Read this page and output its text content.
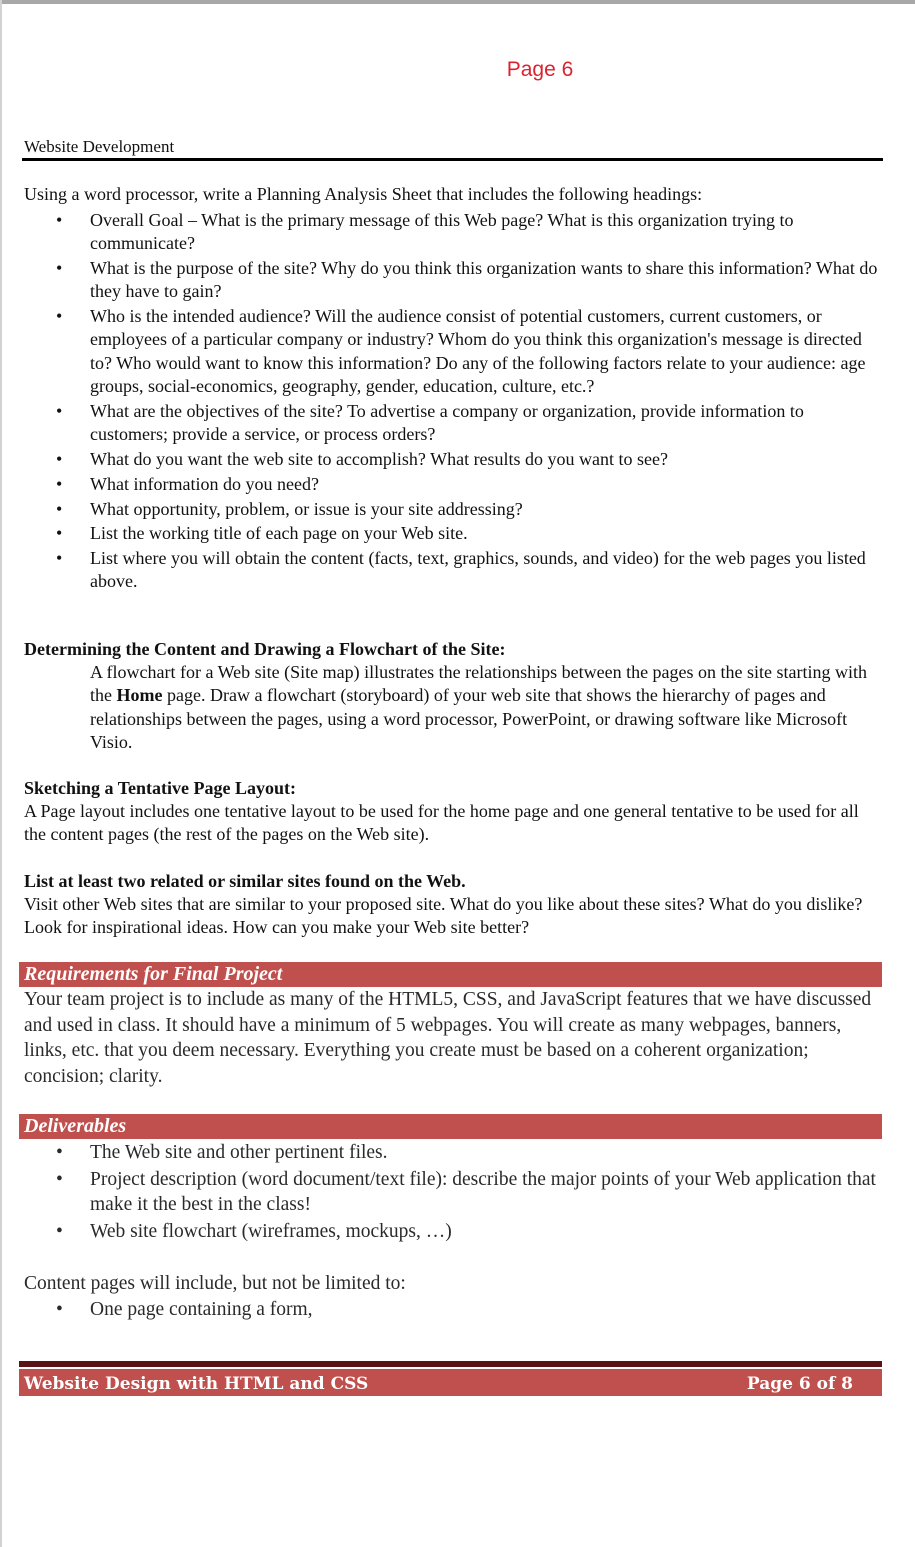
Page 6
Website Development
Using a word processor, write a Planning Analysis Sheet that includes the following headings:
• Overall Goal – What is the primary message of this Web page? What is this organization trying to communicate?
• What is the purpose of the site? Why do you think this organization wants to share this information? What do they have to gain?
• Who is the intended audience? Will the audience consist of potential customers, current customers, or employees of a particular company or industry? Whom do you think this organization's message is directed to? Who would want to know this information? Do any of the following factors relate to your audience: age groups, social-economics, geography, gender, education, culture, etc.?
• What are the objectives of the site? To advertise a company or organization, provide information to customers; provide a service, or process orders?
• What do you want the web site to accomplish? What results do you want to see?
• What information do you need?
• What opportunity, problem, or issue is your site addressing?
• List the working title of each page on your Web site.
• List where you will obtain the content (facts, text, graphics, sounds, and video) for the web pages you listed above.
Determining the Content and Drawing a Flowchart of the Site:
A flowchart for a Web site (Site map) illustrates the relationships between the pages on the site starting with the Home page. Draw a flowchart (storyboard) of your web site that shows the hierarchy of pages and relationships between the pages, using a word processor, PowerPoint, or drawing software like Microsoft Visio.
Sketching a Tentative Page Layout:
A Page layout includes one tentative layout to be used for the home page and one general tentative to be used for all the content pages (the rest of the pages on the Web site).
List at least two related or similar sites found on the Web.
Visit other Web sites that are similar to your proposed site. What do you like about these sites? What do you dislike? Look for inspirational ideas. How can you make your Web site better?
Requirements for Final Project
Your team project is to include as many of the HTML5, CSS, and JavaScript features that we have discussed and used in class. It should have a minimum of 5 webpages. You will create as many webpages, banners, links, etc. that you deem necessary. Everything you create must be based on a coherent organization; concision; clarity.
Deliverables
• The Web site and other pertinent files.
• Project description (word document/text file): describe the major points of your Web application that make it the best in the class!
• Web site flowchart (wireframes, mockups, …)
Content pages will include, but not be limited to:
• One page containing a form,
Website Design with HTML and CSS	Page 6 of 8
